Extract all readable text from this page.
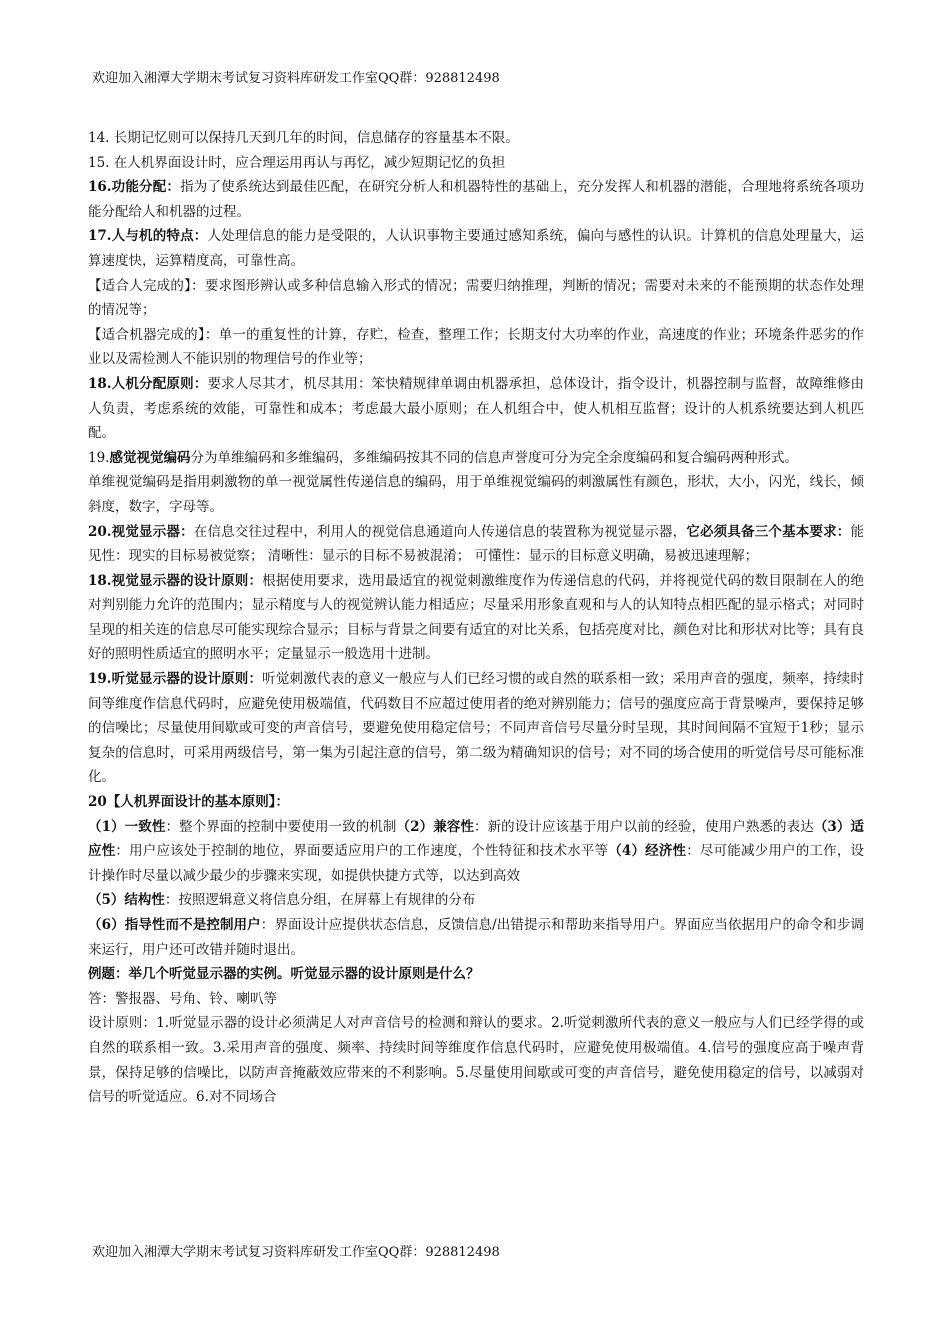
欢迎加入湘潭大学期末考试复习资料库研发工作室QQ群：928812498

14. 长期记忆则可以保持几天到几年的时间，信息储存的容量基本不限。

15. 在人机界面设计时，应合理运用再认与再忆，减少短期记忆的负担

16.功能分配：指为了使系统达到最佳匹配，在研究分析人和机器特性的基础上，充分发挥人和机器的潜能，合理地将系统各项功能分配给人和机器的过程。

17.人与机的特点：人处理信息的能力是受限的，人认识事物主要通过感知系统，偏向与感性的认识。计算机的信息处理量大，运算速度快，运算精度高，可靠性高。

【适合人完成的】：要求图形辨认或多种信息输入形式的情况；需要归纳推理，判断的情况；需要对未来的不能预期的状态作处理的情况等；

【适合机器完成的】：单一的重复性的计算，存贮，检查，整理工作；长期支付大功率的作业，高速度的作业；环境条件恶劣的作业以及需检测人不能识别的物理信号的作业等；

18.人机分配原则：要求人尽其才，机尽其用：笨快精规律单调由机器承担，总体设计，指令设计，机器控制与监督，故障维修由人负责，考虑系统的效能，可靠性和成本；考虑最大最小原则；在人机组合中，使人机相互监督；设计的人机系统要达到人机匹配。

19.感觉视觉编码分为单维编码和多维编码，多维编码按其不同的信息声誉度可分为完全余度编码和复合编码两种形式。

单维视觉编码是指用刺激物的单一视觉属性传递信息的编码，用于单维视觉编码的刺激属性有颜色，形状，大小，闪光，线长，倾斜度，数字，字母等。

20.视觉显示器：在信息交往过程中，利用人的视觉信息通道向人传递信息的装置称为视觉显示器，它必须具备三个基本要求：能见性：现实的目标易被觉察； 清晰性：显示的目标不易被混淆； 可懂性：显示的目标意义明确，易被迅速理解；

18.视觉显示器的设计原则：根据使用要求，选用最适宜的视觉刺激维度作为传递信息的代码，并将视觉代码的数目限制在人的绝对判别能力允许的范围内；显示精度与人的视觉辨认能力相适应；尽量采用形象直观和与人的认知特点相匹配的显示格式；对同时呈现的相关连的信息尽可能实现综合显示；目标与背景之间要有适宜的对比关系，包括亮度对比，颜色对比和形状对比等；具有良好的照明性质适宜的照明水平；定量显示一般选用十进制。

19.听觉显示器的设计原则：听觉刺激代表的意义一般应与人们已经习惯的或自然的联系相一致；采用声音的强度，频率，持续时间等维度作信息代码时，应避免使用极端值，代码数目不应超过使用者的绝对辨别能力；信号的强度应高于背景噪声，要保持足够的信噪比；尽量使用间歇或可变的声音信号，要避免使用稳定信号；不同声音信号尽量分时呈现，其时间间隔不宜短于1秒；显示复杂的信息时，可采用两级信号，第一集为引起注意的信号，第二级为精确知识的信号；对不同的场合使用的听觉信号尽可能标准化。

20【人机界面设计的基本原则】：

（1）一致性：整个界面的控制中要使用一致的机制（2）兼容性：新的设计应该基于用户以前的经验，使用户熟悉的表达（3）适应性：用户应该处于控制的地位，界面要适应用户的工作速度，个性特征和技术水平等（4）经济性：尽可能减少用户的工作，设计操作时尽量以减少最少的步骤来实现，如提供快捷方式等，以达到高效

（5）结构性：按照逻辑意义将信息分组，在屏幕上有规律的分布

（6）指导性而不是控制用户：界面设计应提供状态信息，反馈信息/出错提示和帮助来指导用户。界面应当依据用户的命令和步调来运行，用户还可改错并随时退出。

例题：举几个听觉显示器的实例。听觉显示器的设计原则是什么？

答：警报器、号角、铃、喇叭等

设计原则：1.听觉显示器的设计必须满足人对声音信号的检测和辩认的要求。2.听觉刺激所代表的意义一般应与人们已经学得的或自然的联系相一致。3.采用声音的强度、频率、持续时间等维度作信息代码时，应避免使用极端值。4.信号的强度应高于噪声背景，保持足够的信噪比，以防声音掩蔽效应带来的不利影响。5.尽量使用间歇或可变的声音信号，避免使用稳定的信号，以减弱对信号的听觉适应。6.对不同场合

欢迎加入湘潭大学期末考试复习资料库研发工作室QQ群：928812498
